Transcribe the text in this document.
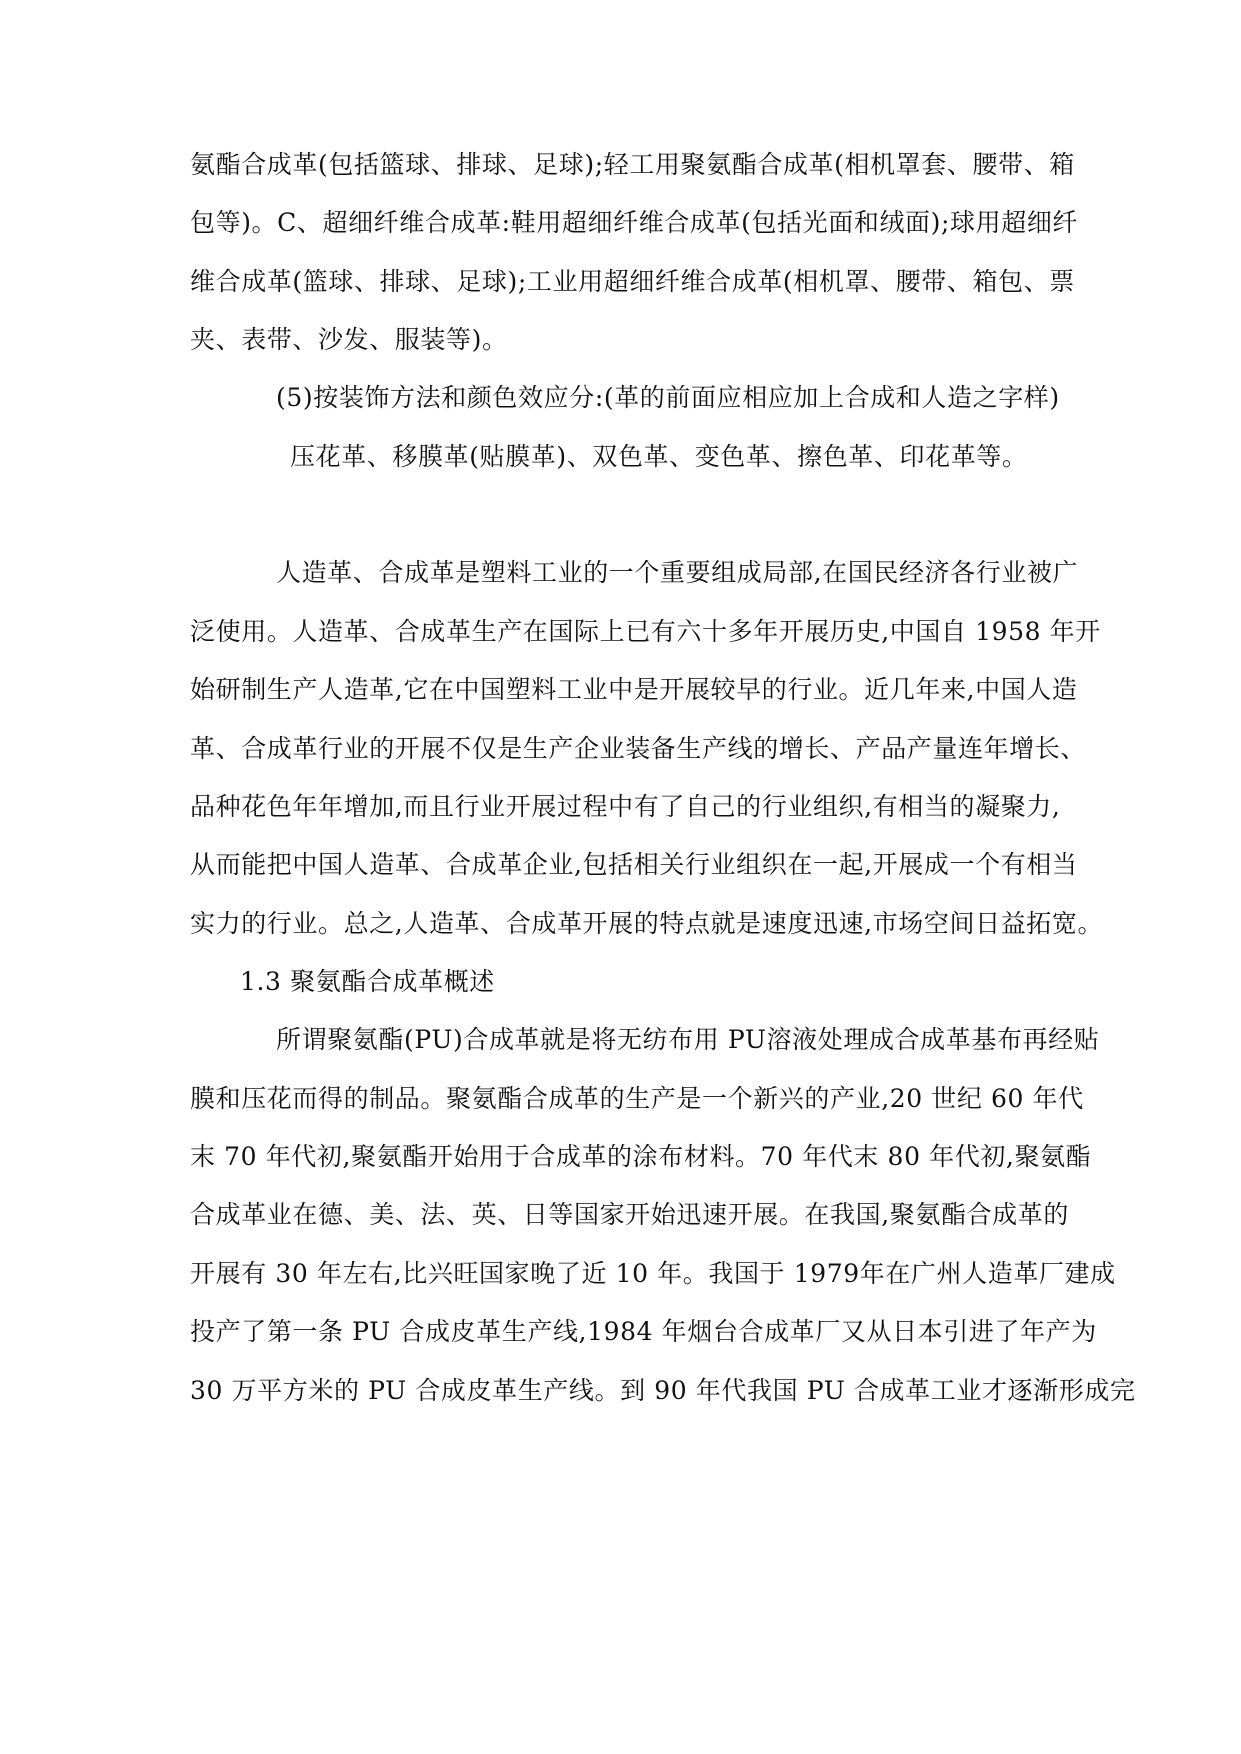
氨酯合成革(包括篮球、排球、足球);轻工用聚氨酯合成革(相机罩套、腰带、箱
包等)。C、超细纤维合成革:鞋用超细纤维合成革(包括光面和绒面);球用超细纤
维合成革(篮球、排球、足球);工业用超细纤维合成革(相机罩、腰带、箱包、票
夹、表带、沙发、服装等)。
(5)按装饰方法和颜色效应分:(革的前面应相应加上合成和人造之字样)
压花革、移膜革(贴膜革)、双色革、变色革、擦色革、印花革等。
人造革、合成革是塑料工业的一个重要组成局部,在国民经济各行业被广
泛使用。人造革、合成革生产在国际上已有六十多年开展历史,中国自 1958 年开
始研制生产人造革,它在中国塑料工业中是开展较早的行业。近几年来,中国人造
革、合成革行业的开展不仅是生产企业装备生产线的增长、产品产量连年增长、
品种花色年年增加,而且行业开展过程中有了自己的行业组织,有相当的凝聚力,
从而能把中国人造革、合成革企业,包括相关行业组织在一起,开展成一个有相当
实力的行业。总之,人造革、合成革开展的特点就是速度迅速,市场空间日益拓宽。
1.3 聚氨酯合成革概述
所谓聚氨酯(PU)合成革就是将无纺布用 PU溶液处理成合成革基布再经贴
膜和压花而得的制品。聚氨酯合成革的生产是一个新兴的产业,20 世纪 60 年代
末 70 年代初,聚氨酯开始用于合成革的涂布材料。70 年代末 80 年代初,聚氨酯
合成革业在德、美、法、英、日等国家开始迅速开展。在我国,聚氨酯合成革的
开展有 30 年左右,比兴旺国家晚了近 10 年。我国于 1979年在广州人造革厂建成
投产了第一条 PU 合成皮革生产线,1984 年烟台合成革厂又从日本引进了年产为
30 万平方米的 PU 合成皮革生产线。到 90 年代我国 PU 合成革工业才逐渐形成完
